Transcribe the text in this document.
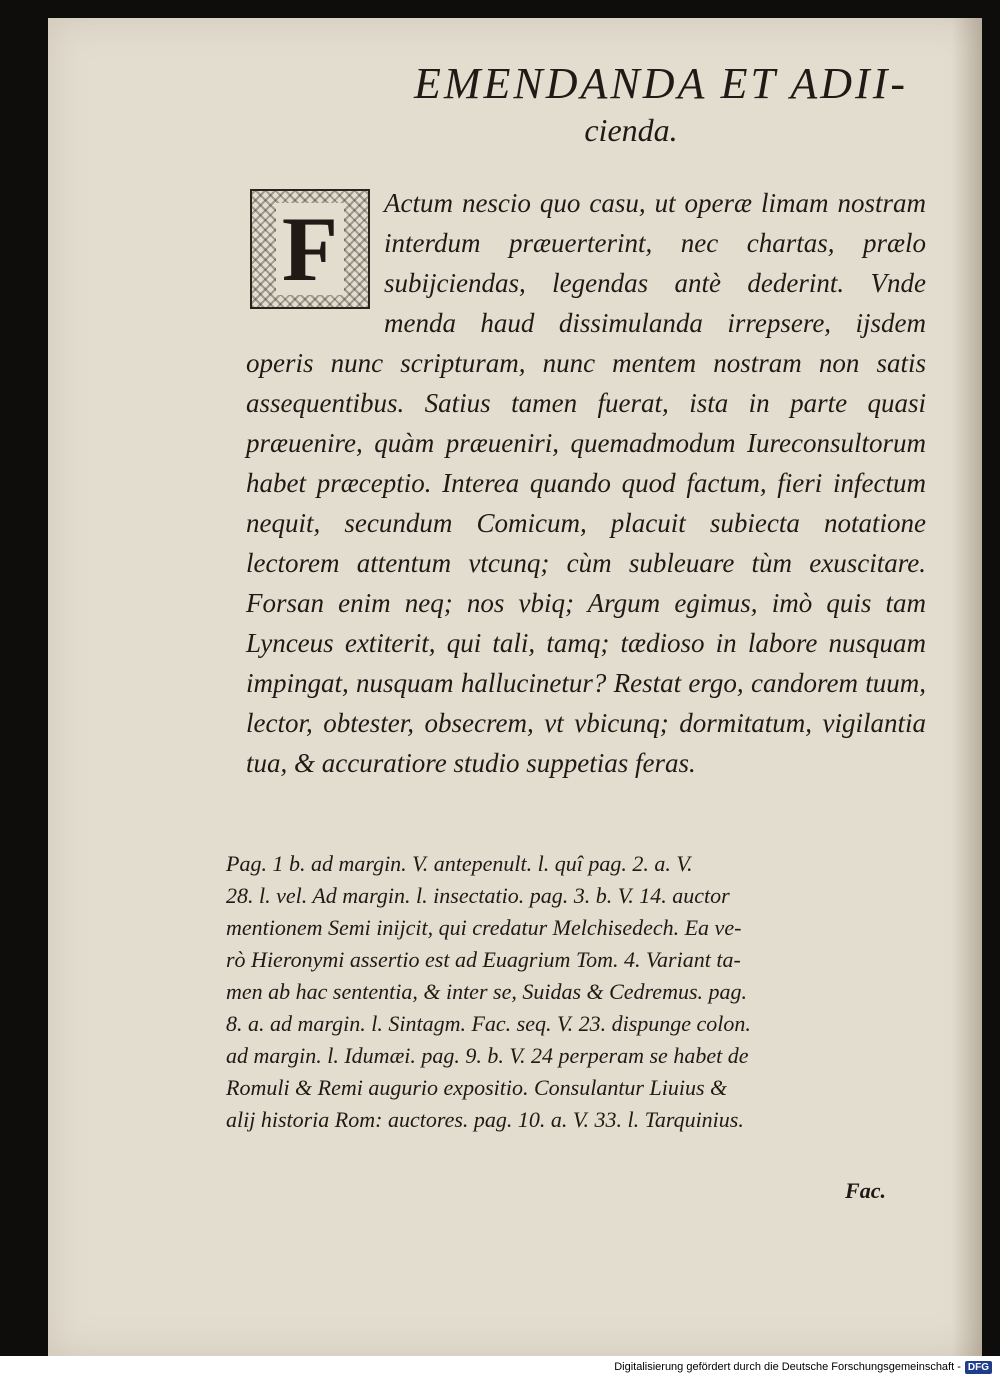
EMENDANDA ET ADII-
cienda.
F Actum nescio quo casu, ut operæ limam nostram interdum præuerterint, nec chartas, prælo subijciendas, legendas antè dederint. Vnde menda haud dissimulanda irrepsere, ijsdem operis nunc scripturam, nunc mentem nostram non satis assequentibus. Satius tamen fuerat, ista in parte quasi præuenire, quàm præueniri, quemadmodum Iureconsultorum habet præceptio. Interea quando quod factum, fieri infectum nequit, secundum Comicum, placuit subiecta notatione lectorem attentum vtcunq; cùm subleuare tùm exuscitare. Forsan enim neq; nos vbiq; Argum egimus, imò quis tam Lynceus extiterit, qui tali, tamq; tædioso in labore nusquam impingat, nusquam hallucinetur? Restat ergo, candorem tuum, lector, obtester, obsecrem, vt vbicunq; dormitatum, vigilantia tua, & accuratiore studio suppetias feras.
Pag. 1 b. ad margin. V. antepenult. l. quî pag. 2. a. V.
28. l. vel. Ad margin. l. insectatio. pag. 3. b. V. 14. auctor
mentionem Semi inijcit, qui credatur Melchisedech. Ea ve-
rò Hieronymi assertio est ad Euagrium Tom. 4. Variant ta-
men ab hac sententia, & inter se, Suidas & Cedremus. pag.
8. a. ad margin. l. Sintagm. Fac. seq. V. 23. dispunge colon.
ad margin. l. Idumæi. pag. 9. b. V. 24 perperam se habet de
Romuli & Remi augurio expositio. Consulantur Liuius &
alij historia Rom: auctores. pag. 10. a. V. 33. l. Tarquinius.
Fac.
Digitalisierung gefördert durch die Deutsche Forschungsgemeinschaft - DFG
